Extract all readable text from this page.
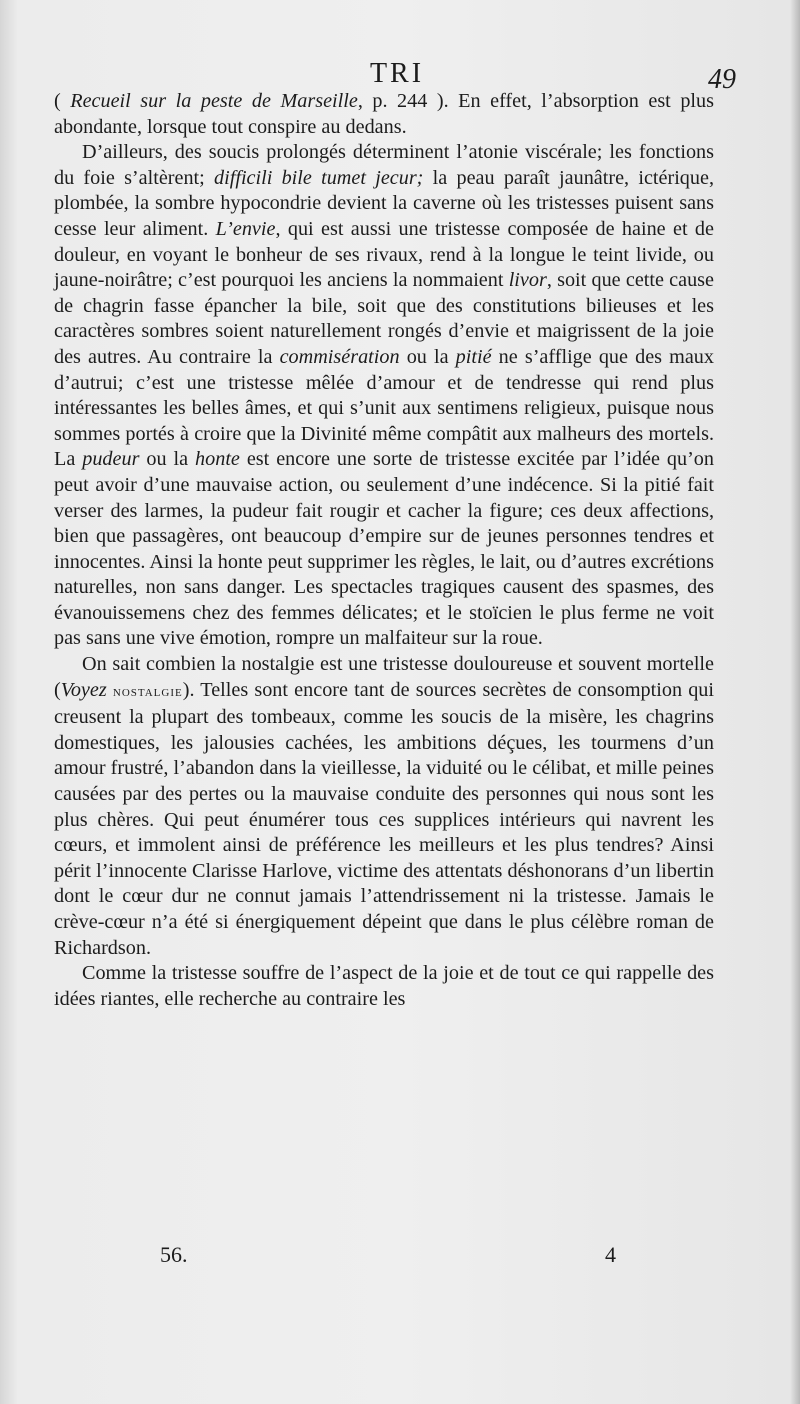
TRI	49

( Recueil sur la peste de Marseille, p. 244 ). En effet, l’absorption est plus abondante, lorsque tout conspire au dedans.

D’ailleurs, des soucis prolongés déterminent l’atonie viscérale; les fonctions du foie s’altèrent; difficili bile tumet jecur; la peau paraît jaunâtre, ictérique, plombée, la sombre hypocondrie devient la caverne où les tristesses puisent sans cesse leur aliment. L’envie, qui est aussi une tristesse composée de haine et de douleur, en voyant le bonheur de ses rivaux, rend à la longue le teint livide, ou jaune-noirâtre; c’est pourquoi les anciens la nommaient livor, soit que cette cause de chagrin fasse épancher la bile, soit que des constitutions bilieuses et les caractères sombres soient naturellement rongés d’envie et maigrissent de la joie des autres. Au contraire la commisération ou la pitié ne s’afflige que des maux d’autrui; c’est une tristesse mêlée d’amour et de tendresse qui rend plus intéressantes les belles âmes, et qui s’unit aux sentimens religieux, puisque nous sommes portés à croire que la Divinité même compâtit aux malheurs des mortels. La pudeur ou la honte est encore une sorte de tristesse excitée par l’idée qu’on peut avoir d’une mauvaise action, ou seulement d’une indécence. Si la pitié fait verser des larmes, la pudeur fait rougir et cacher la figure; ces deux affections, bien que passagères, ont beaucoup d’empire sur de jeunes personnes tendres et innocentes. Ainsi la honte peut supprimer les règles, le lait, ou d’autres excrétions naturelles, non sans danger. Les spectacles tragiques causent des spasmes, des évanouissemens chez des femmes délicates; et le stoïcien le plus ferme ne voit pas sans une vive émotion, rompre un malfaiteur sur la roue.

On sait combien la nostalgie est une tristesse douloureuse et souvent mortelle (Voyez nostalgie). Telles sont encore tant de sources secrètes de consomption qui creusent la plupart des tombeaux, comme les soucis de la misère, les chagrins domestiques, les jalousies cachées, les ambitions déçues, les tourmens d’un amour frustré, l’abandon dans la vieillesse, la viduité ou le célibat, et mille peines causées par des pertes ou la mauvaise conduite des personnes qui nous sont les plus chères. Qui peut énumérer tous ces supplices intérieurs qui navrent les cœurs, et immolent ainsi de préférence les meilleurs et les plus tendres? Ainsi périt l’innocente Clarisse Harlove, victime des attentats déshonorans d’un libertin dont le cœur dur ne connut jamais l’attendrissement ni la tristesse. Jamais le crève-cœur n’a été si énergiquement dépeint que dans le plus célèbre roman de Richardson.

Comme la tristesse souffre de l’aspect de la joie et de tout ce qui rappelle des idées riantes, elle recherche au contraire les

56.	4
